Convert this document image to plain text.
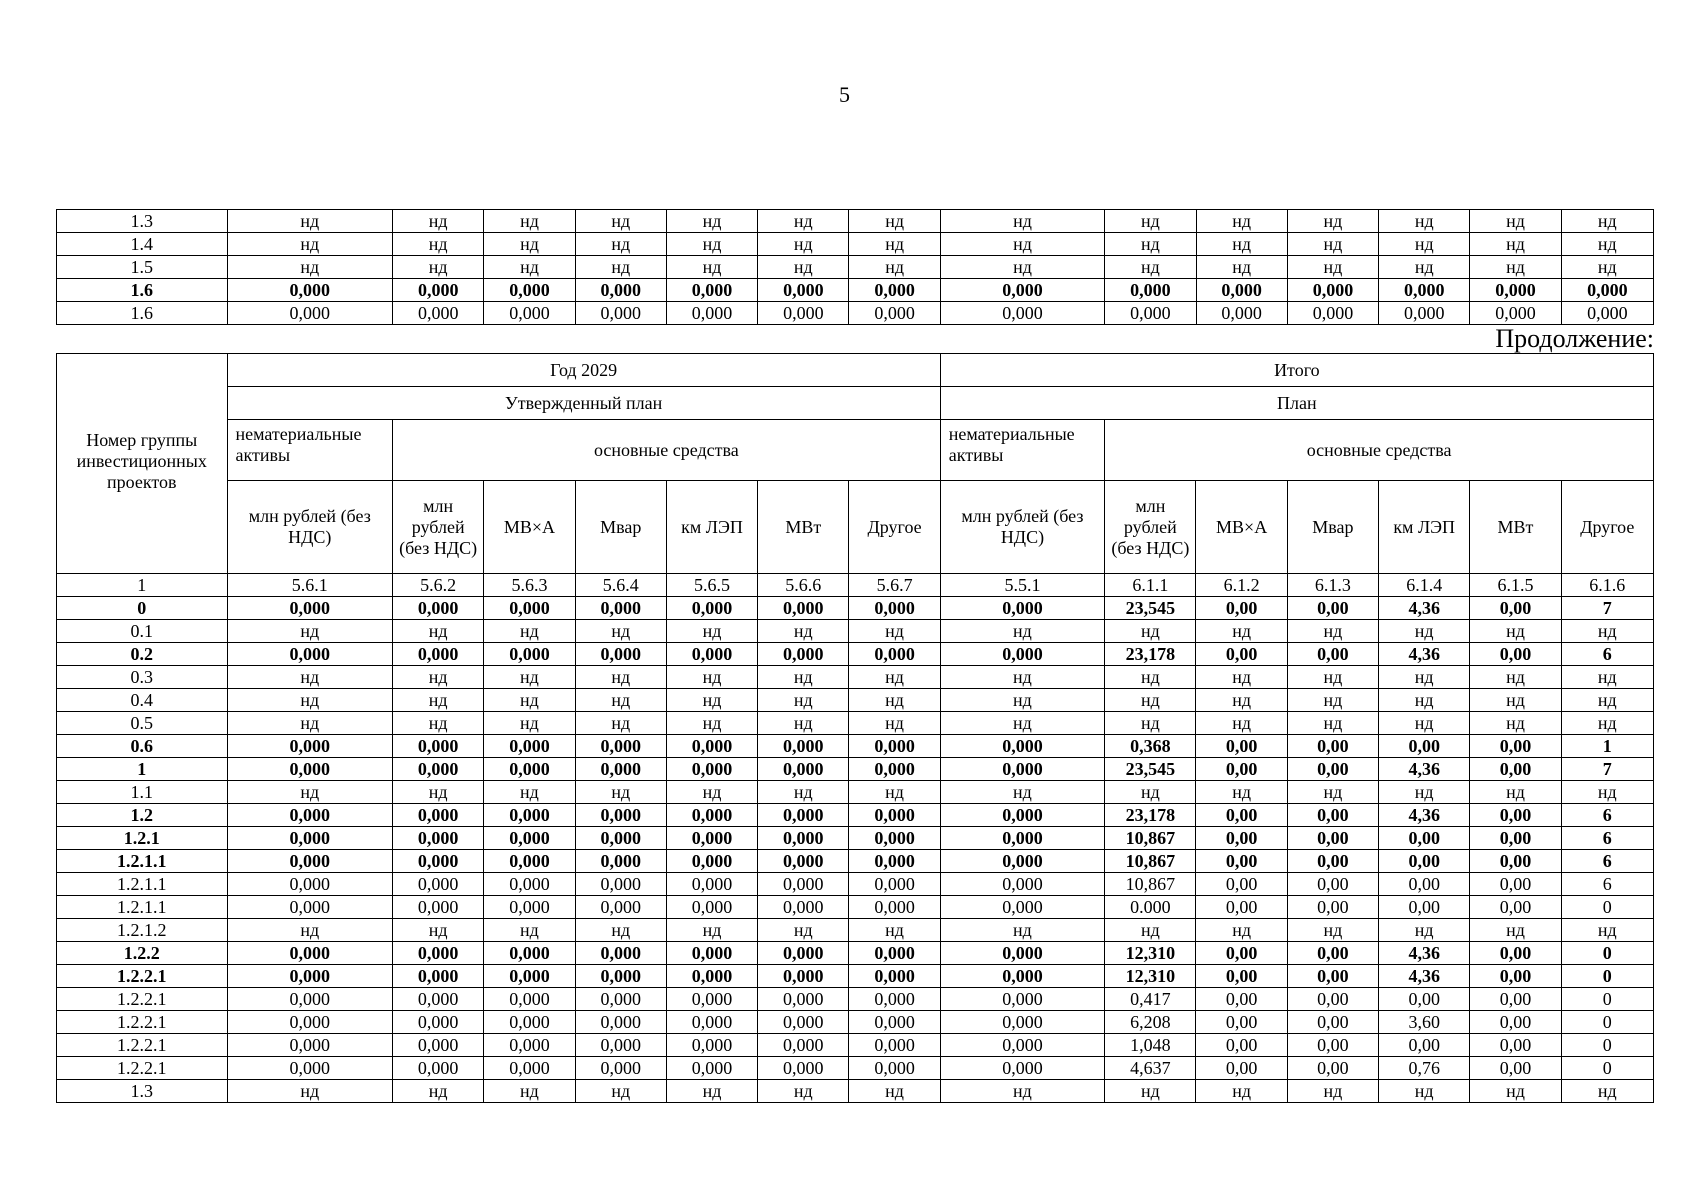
5
1.3	нд	нд	нд	нд	нд	нд	нд	нд	нд	нд	нд	нд	нд	нд
1.4	нд	нд	нд	нд	нд	нд	нд	нд	нд	нд	нд	нд	нд	нд
1.5	нд	нд	нд	нд	нд	нд	нд	нд	нд	нд	нд	нд	нд	нд
1.6	0,000	0,000	0,000	0,000	0,000	0,000	0,000	0,000	0,000	0,000	0,000	0,000	0,000	0,000
1.6	0,000	0,000	0,000	0,000	0,000	0,000	0,000	0,000	0,000	0,000	0,000	0,000	0,000	0,000
Продолжение:
Номер группы инвестиционных проектов	Год 2029							Итого						
	Утвержденный план							План						
	нематериальные активы	основные средства						нематериальные активы	основные средства					
	млн рублей (без НДС)	млн рублей (без НДС)	МВ×А	Мвар	км ЛЭП	МВт	Другое	млн рублей (без НДС)	млн рублей (без НДС)	МВ×А	Мвар	км ЛЭП	МВт	Другое
1	5.6.1	5.6.2	5.6.3	5.6.4	5.6.5	5.6.6	5.6.7	5.5.1	6.1.1	6.1.2	6.1.3	6.1.4	6.1.5	6.1.6
0	0,000	0,000	0,000	0,000	0,000	0,000	0,000	0,000	23,545	0,00	0,00	4,36	0,00	7
0.1	нд	нд	нд	нд	нд	нд	нд	нд	нд	нд	нд	нд	нд	нд
0.2	0,000	0,000	0,000	0,000	0,000	0,000	0,000	0,000	23,178	0,00	0,00	4,36	0,00	6
0.3	нд	нд	нд	нд	нд	нд	нд	нд	нд	нд	нд	нд	нд	нд
0.4	нд	нд	нд	нд	нд	нд	нд	нд	нд	нд	нд	нд	нд	нд
0.5	нд	нд	нд	нд	нд	нд	нд	нд	нд	нд	нд	нд	нд	нд
0.6	0,000	0,000	0,000	0,000	0,000	0,000	0,000	0,000	0,368	0,00	0,00	0,00	0,00	1
1	0,000	0,000	0,000	0,000	0,000	0,000	0,000	0,000	23,545	0,00	0,00	4,36	0,00	7
1.1	нд	нд	нд	нд	нд	нд	нд	нд	нд	нд	нд	нд	нд	нд
1.2	0,000	0,000	0,000	0,000	0,000	0,000	0,000	0,000	23,178	0,00	0,00	4,36	0,00	6
1.2.1	0,000	0,000	0,000	0,000	0,000	0,000	0,000	0,000	10,867	0,00	0,00	0,00	0,00	6
1.2.1.1	0,000	0,000	0,000	0,000	0,000	0,000	0,000	0,000	10,867	0,00	0,00	0,00	0,00	6
1.2.1.1	0,000	0,000	0,000	0,000	0,000	0,000	0,000	0,000	10,867	0,00	0,00	0,00	0,00	6
1.2.1.1	0,000	0,000	0,000	0,000	0,000	0,000	0,000	0,000	0.000	0,00	0,00	0,00	0,00	0
1.2.1.2	нд	нд	нд	нд	нд	нд	нд	нд	нд	нд	нд	нд	нд	нд
1.2.2	0,000	0,000	0,000	0,000	0,000	0,000	0,000	0,000	12,310	0,00	0,00	4,36	0,00	0
1.2.2.1	0,000	0,000	0,000	0,000	0,000	0,000	0,000	0,000	12,310	0,00	0,00	4,36	0,00	0
1.2.2.1	0,000	0,000	0,000	0,000	0,000	0,000	0,000	0,000	0,417	0,00	0,00	0,00	0,00	0
1.2.2.1	0,000	0,000	0,000	0,000	0,000	0,000	0,000	0,000	6,208	0,00	0,00	3,60	0,00	0
1.2.2.1	0,000	0,000	0,000	0,000	0,000	0,000	0,000	0,000	1,048	0,00	0,00	0,00	0,00	0
1.2.2.1	0,000	0,000	0,000	0,000	0,000	0,000	0,000	0,000	4,637	0,00	0,00	0,76	0,00	0
1.3	нд	нд	нд	нд	нд	нд	нд	нд	нд	нд	нд	нд	нд	нд
